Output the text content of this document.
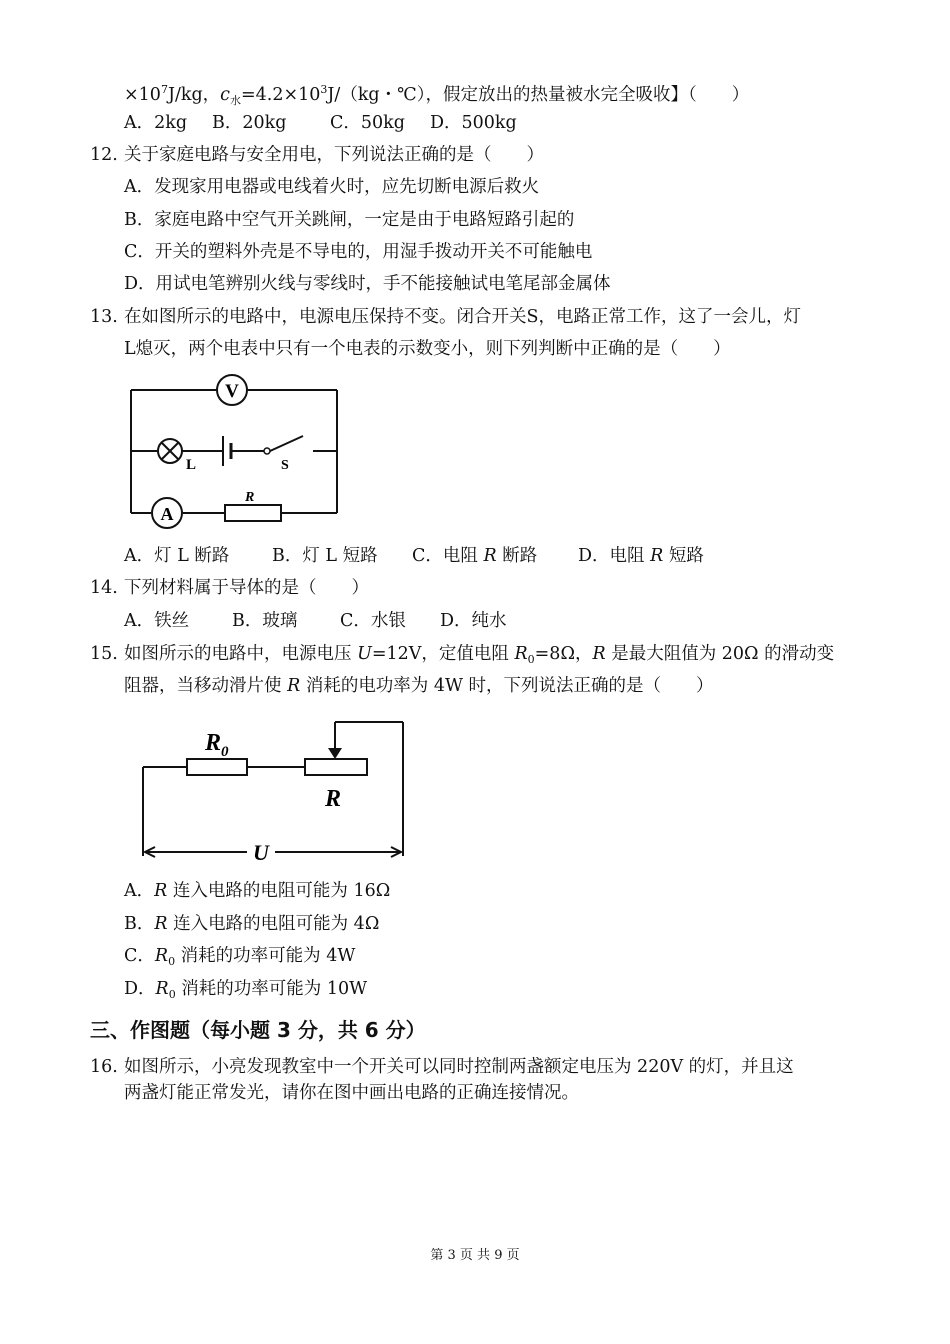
$\times 10^7J/kg$，$c_水=4.2\times 10^3J/(kg$・℃），假定放出的热量被水完全吸收】（　　）
A．2kg B．20kg C．50kg D．500kg
12. 关于家庭电路与安全用电，下列说法正确的是（　　）
A．发现家用电器或电线着火时，应先切断电源后救火
B．家庭电路中空气开关跳闸，一定是由于电路短路引起的
C．开关的塑料外壳是不导电的，用湿手拨动开关不可能触电
D．用试电笔辨别火线与零线时，手不能接触试电笔尾部金属体
13. 在如图所示的电路中，电源电压保持不变。闭合开关S，电路正常工作，这了一会儿，灯
L熄灭，两个电表中只有一个电表的示数变小，则下列判断中正确的是（　　）
V
L	S
A
R
A．灯 L 断路 B．灯 L 短路 C．电阻 R 断路 D．电阻 R 短路
14. 下列材料属于导体的是（　　）
A．铁丝 B．玻璃 C．水银 D．纯水
15. 如图所示的电路中，电源电压 U=12V，定值电阻 $R_0=8\Omega$，R 是最大阻值为 20Ω 的滑动变
阻器，当移动滑片使 R 消耗的电功率为 4W 时，下列说法正确的是（　　）
$R_0$
R
U
A．R 连入电路的电阻可能为 16Ω
B．R 连入电路的电阻可能为 4Ω
C．$R_0$ 消耗的功率可能为 4W
D．$R_0$ 消耗的功率可能为 10W
三、作图题（每小题 3 分，共 6 分）
16. 如图所示，小亮发现教室中一个开关可以同时控制两盏额定电压为 220V 的灯，并且这
两盏灯能正常发光，请你在图中画出电路的正确连接情况。
第 3 页 共 9 页
